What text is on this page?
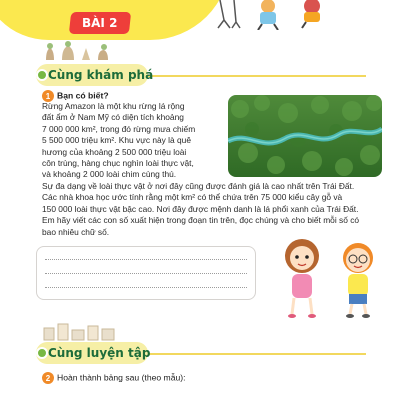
BÀI 2
Cùng khám phá
1 Bạn có biết?
Rừng Amazon là một khu rừng lá rộng
đất ẩm ở Nam Mỹ có diện tích khoảng
7 000 000 km², trong đó rừng mưa chiếm
5 500 000 triệu km². Khu vực này là quê
hương của khoảng 2 500 000 triệu loài
côn trùng, hàng chục nghìn loài thực vật,
và khoảng 2 000 loài chim cùng thú.
Sự đa dạng về loài thực vật ở nơi đây cũng được đánh giá là cao nhất trên Trái Đất.
Các nhà khoa học ước tính rằng một km² có thể chứa trên 75 000 kiểu cây gỗ và
150 000 loài thực vật bậc cao. Nơi đây được mệnh danh là lá phổi xanh của Trái Đất.
Em hãy viết các con số xuất hiện trong đoạn tin trên, đọc chúng và cho biết mỗi số có
bao nhiêu chữ số.
Cùng luyện tập
2 Hoàn thành bảng sau (theo mẫu):
